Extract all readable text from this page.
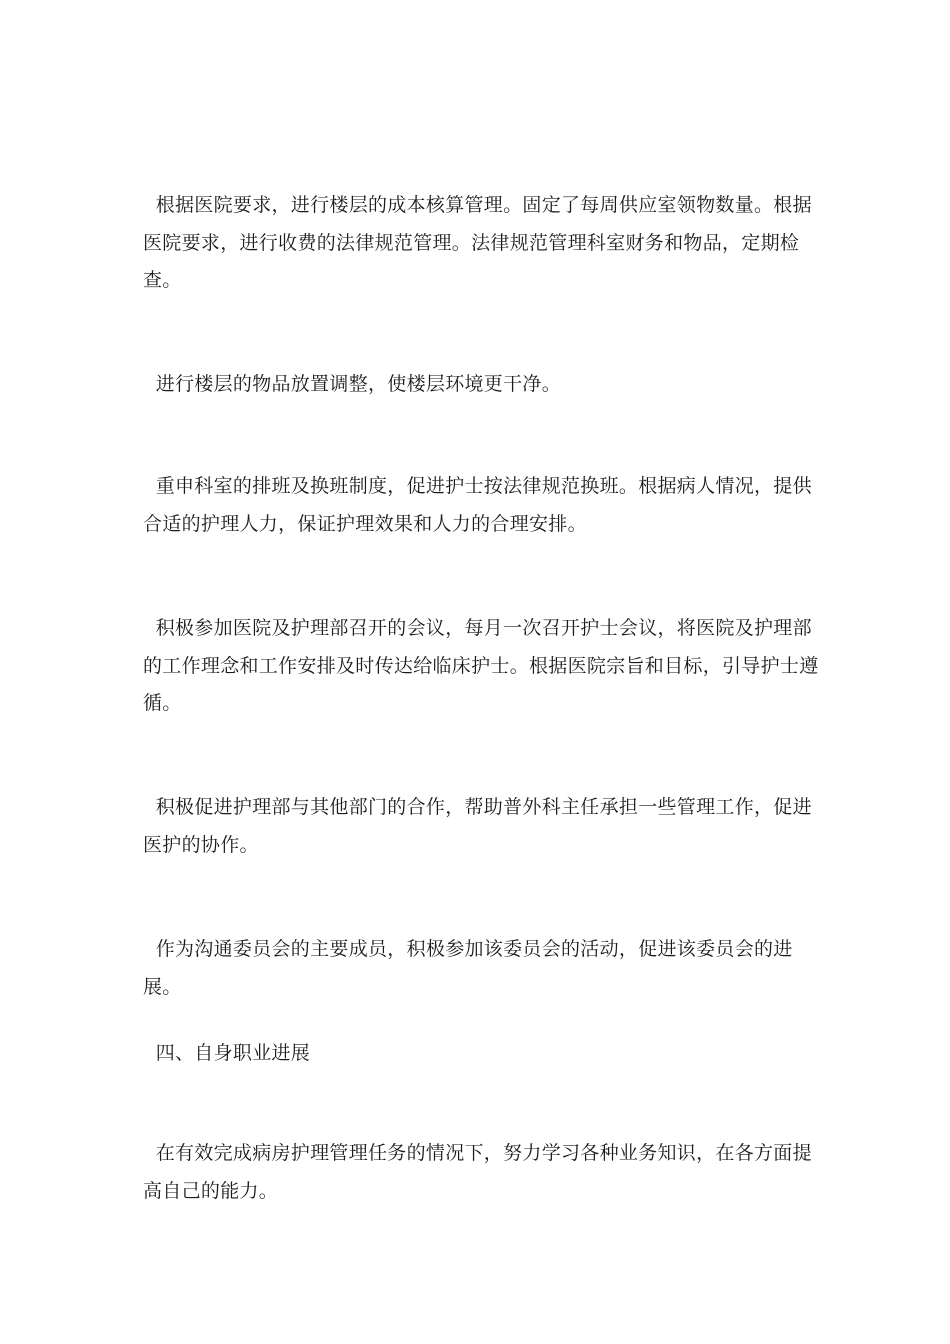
根据医院要求，进行楼层的成本核算管理。固定了每周供应室领物数量。根据医院要求，进行收费的法律规范管理。法律规范管理科室财务和物品，定期检查。

进行楼层的物品放置调整，使楼层环境更干净。

重申科室的排班及换班制度，促进护士按法律规范换班。根据病人情况，提供合适的护理人力，保证护理效果和人力的合理安排。

积极参加医院及护理部召开的会议，每月一次召开护士会议，将医院及护理部的工作理念和工作安排及时传达给临床护士。根据医院宗旨和目标，引导护士遵循。

积极促进护理部与其他部门的合作，帮助普外科主任承担一些管理工作，促进医护的协作。

作为沟通委员会的主要成员，积极参加该委员会的活动，促进该委员会的进展。

四、自身职业进展

在有效完成病房护理管理任务的情况下，努力学习各种业务知识，在各方面提高自己的能力。
